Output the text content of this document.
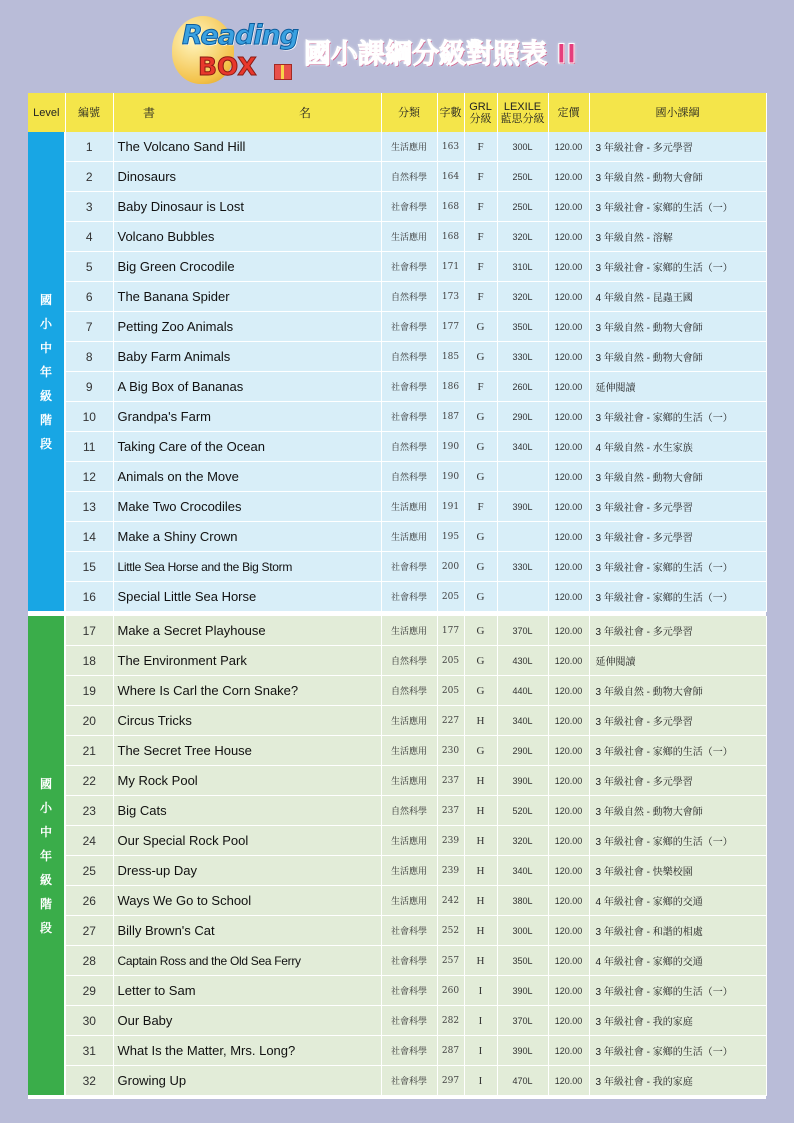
Reading
BOX 國小課綱分級對照表 II
Level	編號	書　　名	分類	字數	GRL 分級	LEXILE 藍思分級	定價	國小課綱
國小中年級階段	1	The Volcano Sand Hill	生活應用	163	F	300L	120.00	3 年級社會 - 多元學習
	2	Dinosaurs	自然科學	164	F	250L	120.00	3 年級自然 - 動物大會師
	3	Baby Dinosaur is Lost	社會科學	168	F	250L	120.00	3 年級社會 - 家鄉的生活（一）
	4	Volcano Bubbles	生活應用	168	F	320L	120.00	3 年級自然 - 溶解
	5	Big Green Crocodile	社會科學	171	F	310L	120.00	3 年級社會 - 家鄉的生活（一）
	6	The Banana Spider	自然科學	173	F	320L	120.00	4 年級自然 - 昆蟲王國
	7	Petting Zoo Animals	社會科學	177	G	350L	120.00	3 年級自然 - 動物大會師
	8	Baby Farm Animals	自然科學	185	G	330L	120.00	3 年級自然 - 動物大會師
	9	A Big Box of Bananas	社會科學	186	F	260L	120.00	延伸閱讀
	10	Grandpa's Farm	社會科學	187	G	290L	120.00	3 年級社會 - 家鄉的生活（一）
	11	Taking Care of the Ocean	自然科學	190	G	340L	120.00	4 年級自然 - 水生家族
	12	Animals on the Move	自然科學	190	G		120.00	3 年級自然 - 動物大會師
	13	Make Two Crocodiles	生活應用	191	F	390L	120.00	3 年級社會 - 多元學習
	14	Make a Shiny Crown	生活應用	195	G		120.00	3 年級社會 - 多元學習
	15	Little Sea Horse and the Big Storm	社會科學	200	G	330L	120.00	3 年級社會 - 家鄉的生活（一）
	16	Special Little Sea Horse	社會科學	205	G		120.00	3 年級社會 - 家鄉的生活（一）

國小中年級階段	17	Make a Secret Playhouse	生活應用	177	G	370L	120.00	3 年級社會 - 多元學習
	18	The Environment Park	自然科學	205	G	430L	120.00	延伸閱讀
	19	Where Is Carl the Corn Snake?	自然科學	205	G	440L	120.00	3 年級自然 - 動物大會師
	20	Circus Tricks	生活應用	227	H	340L	120.00	3 年級社會 - 多元學習
	21	The Secret Tree House	生活應用	230	G	290L	120.00	3 年級社會 - 家鄉的生活（一）
	22	My Rock Pool	生活應用	237	H	390L	120.00	3 年級社會 - 多元學習
	23	Big Cats	自然科學	237	H	520L	120.00	3 年級自然 - 動物大會師
	24	Our Special Rock Pool	生活應用	239	H	320L	120.00	3 年級社會 - 家鄉的生活（一）
	25	Dress-up Day	生活應用	239	H	340L	120.00	3 年級社會 - 快樂校園
	26	Ways We Go to School	生活應用	242	H	380L	120.00	4 年級社會 - 家鄉的交通
	27	Billy Brown's Cat	社會科學	252	H	300L	120.00	3 年級社會 - 和諧的相處
	28	Captain Ross and the Old Sea Ferry	社會科學	257	H	350L	120.00	4 年級社會 - 家鄉的交通
	29	Letter to Sam	社會科學	260	I	390L	120.00	3 年級社會 - 家鄉的生活（一）
	30	Our Baby	社會科學	282	I	370L	120.00	3 年級社會 - 我的家庭
	31	What Is the Matter, Mrs. Long?	社會科學	287	I	390L	120.00	3 年級社會 - 家鄉的生活（一）
	32	Growing Up	社會科學	297	I	470L	120.00	3 年級社會 - 我的家庭
